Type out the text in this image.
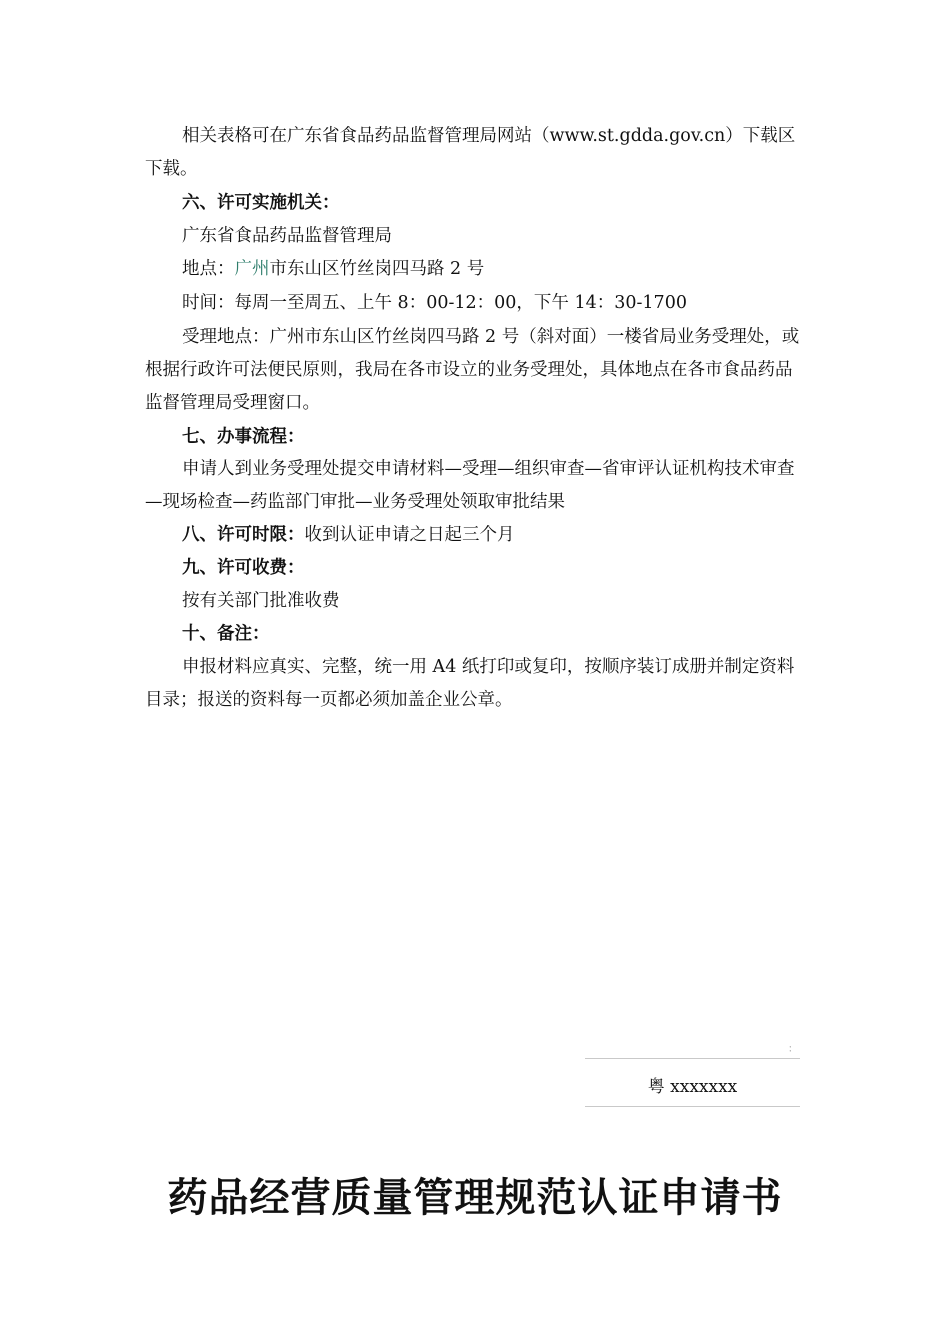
相关表格可在广东省食品药品监督管理局网站（www.st.gdda.gov.cn）下载区下载。

六、许可实施机关：

广东省食品药品监督管理局

地点：广州市东山区竹丝岗四马路 2 号

时间：每周一至周五、上午 8：00-12：00，下午 14：30-1700

受理地点：广州市东山区竹丝岗四马路 2 号（斜对面）一楼省局业务受理处，或根据行政许可法便民原则，我局在各市设立的业务受理处，具体地点在各市食品药品监督管理局受理窗口。

七、办事流程：

申请人到业务受理处提交申请材料—受理—组织审查—省审评认证机构技术审查—现场检查—药监部门审批—业务受理处领取审批结果

八、许可时限：收到认证申请之日起三个月

九、许可收费：

按有关部门批准收费

十、备注：

申报材料应真实、完整，统一用 A4 纸打印或复印，按顺序装订成册并制定资料目录；报送的资料每一页都必须加盖企业公章。

：
粤 xxxxxxx
药品经营质量管理规范认证申请书
